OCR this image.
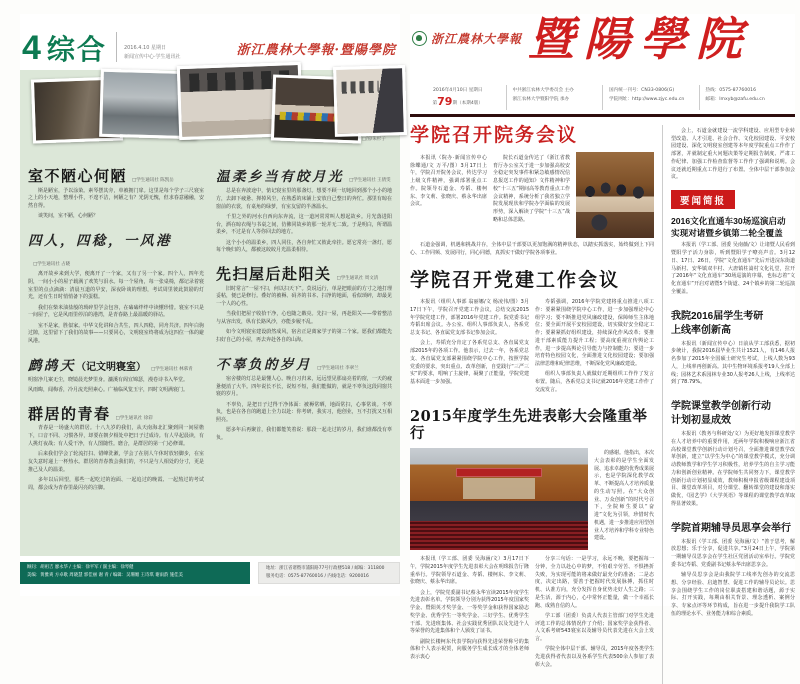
4 综合	2016.4.10 星期日
新闻宣传中心·学生通讯社	浙江農林大學報·暨陽學院
□图/朱杉子
室不陋心何陋 □学生通讯社 陈凯岳

斯是陋室，予以涂染。素琴摆其旁，单被拥门扉。这里是每个学子三尺寝室之上的小天地，整理小件，不遑不洁，何陋之有？光阴无愧，但求春意融融，安然自得。

谈笑间，室不陋，心何陋？

四人，四稔，一风港□学生通讯社 占晓

离开故乡来到大学，便离开了一个家，又有了另一个家。四个人，四年光阴，一间小小的屋子载满了欢笑与泪水。每一个屋角，每一张桌椅，都记录着寝室里的点点滴滴：清晨互道的早安，深夜卧谈的理想，考试周里彼此鼓励的灯光，还有生日时悄悄备下的蛋糕。

我们在柴米油盐般的琐碎里学会包容，在磕磕绊绊中读懂珍惜。寝室不只是一间屋子，它是风雨里停泊的港湾，是青春路上最温暖的驿站。

室不是家，胜似家。中华文化讲和合共生，四人四稔，同舟共济。四年白驹过隙，这里留下了我们的故事——只要同心，文明寝室终将成为这四位一体的避风港。

鹧鸪天（记文明寝室） □学生通讯社 林慕青

明窗净几案无尘，晓镜晨光梦里身。濂溪有阁宜锦瑟，漫卷诗书入华堂。

风雨晦，闻梅香，冷月流光照素心。广袖临风览玉宇，四时文明满寝门。

群居的青春 □学生通讯社 徐彩

青春是一场盛大的群居。十八九岁的我们，从天南海北汇聚到同一间屋檐下，口音不同、习惯各异，却要在朝夕相处中把日子过成诗。有人早起晨读，有人挑灯夜战；有人爱干净，有人图随性。磨合，是群居的第一门必修课。

后来我们学会了轮流打扫、错峰洗漱，学会了在别人午休时放轻脚步，在室友失意时递上一杯热水。群居的青春教会我们的，不只是与人相处的分寸，更是推己及人的温柔。

多年以后回望，那些一起吃过的泡面、一起追过的晚霞、一起熬过的考试周，都会成为青春里最闪亮的注脚。

温柔乡当有皎月光 □学生通讯社 王倩雯

总是在奔波途中，惦记寝室里的那盏灯。想要不顾一切地回到那个小小的地方，去卸下疲惫、掸掉风尘，在熟悉的床铺上安放自己整日的奔忙。那里有晾在窗前的衣裳，有桌角的绿萝，有室友留的半盏温水。

千里之外的河水自西向东奔流，这一道河常常叫人想起故乡。月光落进阳台，洒在晾衣绳与书桌之间，仿佛同故乡的那一轮并无二致。于是明白，所谓温柔乡，不过是有人等你回去的地方。

这个小小的温柔乡，四人同住，各自奔忙又彼此牵挂。愿它常亮一盏灯，愿每个晚归的人，都被这皎皎月光温柔相待。

先扫屋后赴阳关 □学生通讯社 周文清

旧时常言“一屋不扫，何以扫天下”。莫说远行，单是把眼前的方寸之地打理妥帖，便已是修行。叠好的被褥、码齐的书本、扫净的地面，看似琐碎，却最见一个人的心性。

当我们把屋子收拾干净，心也随之敞亮。先扫一屋，再赴阳关——带着整洁与从容出发，纵有长路风沙，亦能步履不乱。

如今文明寝室建设蔚然成风，宿舍正是离家学子的第二个家。愿我们都能先扫好自己的小屋，再去奔赴各自的山海。

不辜负的岁月 □学生通讯社 李翠兰

宿舍楼的灯总是最懂人心。晚自习归来，远远望见那扇亮着的窗，一天的疲惫便消了大半。四年说长不长，说短不短，我们能做的，就是不辜负这段同窗共寝的岁月。

不辜负，是把日子过得干净体面：被褥常晒，地面常扫，心事常谈。不辜负，也是在各自的跑道上全力以赴：你考研，我实习，他创业，互不打扰又互相照亮。

愿多年后再聚首，我们都能笑着说：那段一起走过的岁月，我们谁都没有辜负。

顾问：胡祖吉 廖永华 / 主编：徐平军 / 副主编：徐琴健
美编：黄雅爽 方卓歌 周晓慧 郭佳丽 谢 青 / 编辑：吴珊媚 王诗琪 谢雨韵 施佳美
地址：浙江省诸暨市浦阳路77号行政楼518 / 邮编：311800
服务电话：0575-87760016 / 内线电话：9200016
浙江農林大學報 暨陽學院
2016年4月10日 星期日
第79期（本期4版）
中共浙江农林大学委员会 主办
浙江农林大学暨阳学院 承办
国内统一刊号：CN33-0806(G)
学院网址：http://www.zjyc.edu.cn
热线：0575-87760016
邮箱：lmxyb@zafu.edu.cn
学院召开院务会议

本报讯（院办·新闻宣传中心 徐蝶通/文 万平/图）3月17日上午，学院召开院务会议，传达学习上级文件精神，强调部署重点工作。院领导石道金、寿韬、楼柯东、李文莉、张晓庆、蔡永华出席会议。

院长石道金传达了《浙江省教育厅办公室关于进一步加强高校安全稳定突发事件和紧急敏感情况信息报送工作的通知》文件精神和学校“十三五”期间高等教育重点工作会议精神，系统分析了我省独立学院发展现状和学院办学面临的发展形势，深入解读了学院“十三五”战略和总体思路。

石道金强调，机遇和挑战并存，全体中层干部要以更加饱满的精神状态，以踏实抓落实，始终做到上下同心、工作同频、发展同行，同心同德，真抓实干做好学院各项事业。

学院召开党建工作会议

本报讯（组织人事部 翁丽娜/文 杨凌伟/图）3月17日下午，学院召开党建工作会议，总结交流2015年学院党建工作，部署2016年党建工作。院党委书记寿韬出席会议。办公室、组织人事部负责人，各系党总支书记、各直属党支部书记参加会议。

会上，寿韬充分肯定了各系党总支、各直属党支部2015年的各项工作。他表示，过去一年，各系党总支、各直属党支部紧紧围绕学院中心工作，按照学院党委的要求，突出重点、改革创新，自觉践行“三严三实”的要求，唱响了主旋律，凝聚了正能量，学院党建基本面进一步加强。

寿韬强调，2016年学院党建将重点推进八项工作：要紧紧围绕学院中心工作，进一步加强理论中心组学习；要不断推进党风廉政建设，保障师生主体地位；要全面开展平安校园建设，切实做好安全稳定工作；要紧紧抓好组织建设，持续深化作风改革；要推进干部素质能力提升工程；要高度重视宣传舆论工作，进一步提高舆论引导能力与控制能力；要进一步培育特色校园文化，全面推进文化校园建设；要加强法律思维和纪律思维，不断深化党风廉政建设。

组织人事部负责人就做好近期组织工作作了发言布置。随后，各系党总支书记就2016年党建工作作了交流发言。

2015年度学生先进表彰大会隆重举行

的感谢。他指出，本次大会表彰的是学生全面发展、追求卓越的优秀成果展示，也是学院深化教学改革、不断提高人才培养质量的生动写照。在“大众创业、万众创新”的时代号召下，全院师生要以“奋进”文化为引领，珍惜时代机遇，进一步推进应用型创业人才培养和学科专业特色建设。

本报讯（学工部、团委 吴海涵/文）3月17日下午，学院2015年度学生先进表彰大会在明珠报告厅隆重举行。学院领导石道金、寿韬、楼柯东、李文莉、张晓庆、蔡永华出席。

会上，学院党委副书记蔡永华宣读2015年度学生先进表彰名单。学院领导分别为获得2015年度国家奖学金、暨阳英才奖学金、一等奖学金和获得国家励志奖学金、优秀学生一等奖学金、三好学生、优秀学生干部、先进班集体、社会实践优秀团队以及先进个人等荣誉的先进集体和个人颁发了证书。

副院长楼柯东代表学院向获得先进荣誉称号的集体和个人表示祝贺，向服务学生成长成才的全体老师表示衷心

分享三句话：一是学习，永远不晚，要把握每一分钟，全力以赴心中的梦，不怕艰辛劳苦、不惧挫折失败，为实现可能的将来做好最充分的准备；二是态度，决定出路，要善于把握时代发展脉搏，抓住时机、认准方向，充分发挥自身优势走好人生之路；三是生活，源于内心，心中常怀正能量，做一个幸福长跑、成熟自信的人。

学工部（团委）负责人代表主管部门对学生先进评选工作的总体情况作了介绍；国家奖学金获得者、人文系考研543寝室以及辅导员代表先进在大会上发言。

学院全体中层干部、辅导员，2015年度各类学生先进获得者代表以及各系学生代表500余人参加了表彰大会。

会上，石道金就建设一流学科建设、应用型专业转型改造、人才引进、社会合作、文化校园建设、平安校园建设、深化文明寝室创建等本年度学院重点工作作了部署，并就制定重大问题决策等定期报告制度、严肃工作纪律、加强工作检查监督等工作作了强调和说明。会议还就近期重点工作进行了布置。全体中层干部参加会议。

要闻简报
2016文化直通车30场巡演启动
实现对诸暨乡镇第二轮全覆盖

本报讯（学工部、团委 吴南薇/文）让诸暨人民看到暨阳学子活力身影，听到暨阳学子嘹亮声音。3月12日、17日、26日，学院“文化直通车”先后开进浣东街道马新村、安华镇双丰村、大唐镇柱嵩村文化礼堂，拉开了2016年“文化直通车”30场巡演的序幕，也标志着“文化直通车”开启对诸暨5个街道、24个镇乡的第二轮巡演全覆盖。

我院2016届学生考研
上线率创新高

本报讯（新闻宣传中心）日前从学工部获悉，据初步统计，我院2016届毕业生共计1521人，有146人报名参加了2015年全国硕士研究生考试，上线人数为93人，上线率再创新高。其中生物环境系报考19人全部上线；园林艺术系园林专业30人报考26人上线，上线率达到了78.79%。

学院课堂教学创新行动
计划初显成效

本报讯（教务与科研处/文）为更好地发挥课堂教学在人才培养中的重要作用，近两年学院积极响应浙江省高校课堂教学创新行动计划号召，全面推进课堂教学改革创新，建立“以学生为中心”的课堂教学模式，充分调动教师教学和学生学习积极性，培养学生的自主学习能力和创新创业精神。在学院师生共同努力下，课堂教学创新行动计划初显成效，教师积极申报省级课程建设项目、课堂改革项目，对分课堂、翻转课堂的建设和落实做优，《园艺学》《大学英语》等课程的课堂教学改革取得显著效果。

学院首期辅导员思享会举行

本报讯（学工部、团委 吴海涵/文）“善于思考，解放思想；乐于分享，促进共享。”3月24日上午，学院第一期辅导员思享会在学生社区党团活动室举行。学院党委书记寿韬、党委副书记蔡永华出席思享会。

辅导员思享会是由我院学工线率先创办的交流思想、分享经验、启迪智慧、促进工作的辅导员论坛。思享会围绕学生工作的岗位职责搭建和谐话题，源于实际、打开实践，每期由相关背景、理念透析、案例分享、专家点评等环节构成，旨在进一步提升我院学工队伍的理论水平、业务能力和综合素质。
